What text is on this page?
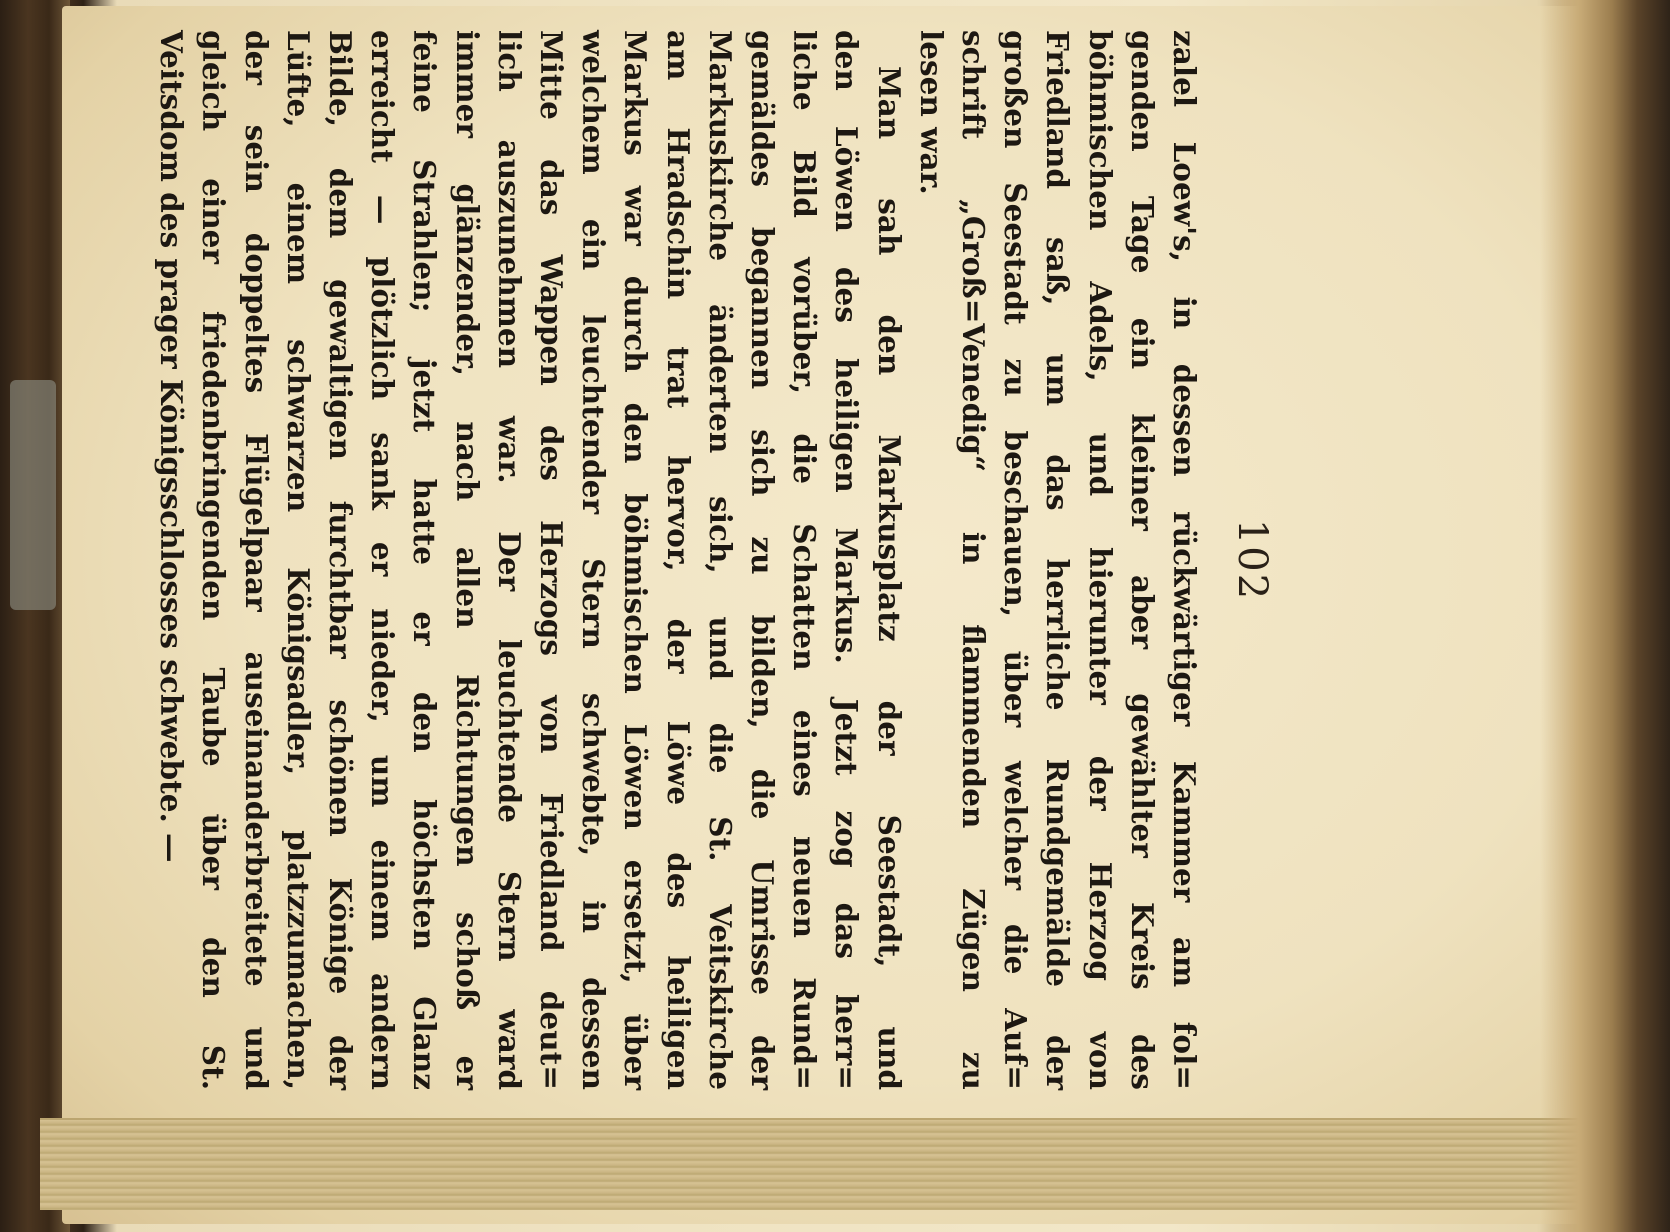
102
zalel Loew's, in dessen rückwärtiger Kammer am fol=
genden Tage ein kleiner aber gewählter Kreis des
böhmischen Adels, und hierunter der Herzog von
Friedland saß, um das herrliche Rundgemälde der
großen Seestadt zu beschauen, über welcher die Auf=
schrift „Groß=Venedig“ in flammenden Zügen zu
lesen war.
Man sah den Markusplatz der Seestadt, und
den Löwen des heiligen Markus. Jetzt zog das herr=
liche Bild vorüber, die Schatten eines neuen Rund=
gemäldes begannen sich zu bilden, die Umrisse der
Markuskirche änderten sich, und die St. Veitskirche
am Hradschin trat hervor, der Löwe des heiligen
Markus war durch den böhmischen Löwen ersetzt, über
welchem ein leuchtender Stern schwebte, in dessen
Mitte das Wappen des Herzogs von Friedland deut=
lich auszunehmen war. Der leuchtende Stern ward
immer glänzender, nach allen Richtungen schoß er
feine Strahlen; jetzt hatte er den höchsten Glanz
erreicht — plötzlich sank er nieder, um einem andern
Bilde, dem gewaltigen furchtbar schönen Könige der
Lüfte, einem schwarzen Königsadler, platzzumachen,
der sein doppeltes Flügelpaar auseinanderbreitete und
gleich einer friedenbringenden Taube über den St.
Veitsdom des prager Königsschlosses schwebte. —
